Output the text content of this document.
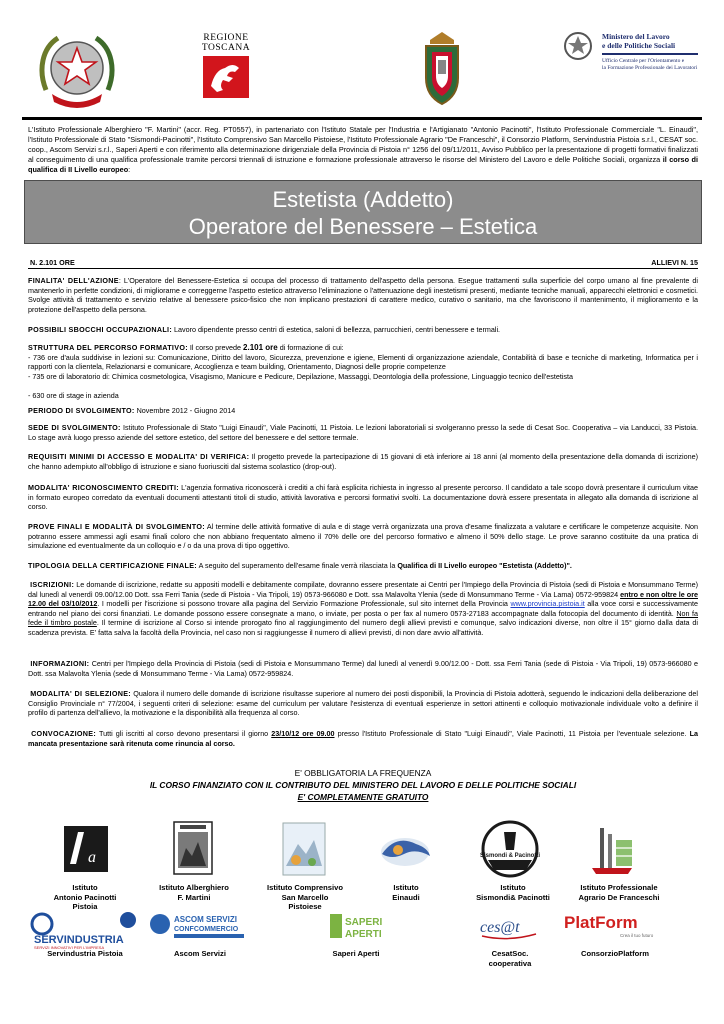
REGIONE
TOSCANA
Ministero del Lavoro
e delle Politiche Sociali
Ufficio Centrale per l'Orientamento e
la Formazione Professionale dei Lavoratori
L'Istituto Professionale Alberghiero "F. Martini" (accr. Reg. PT0557), in partenariato con l'Istituto Statale per l'Industria e l'Artigianato "Antonio Pacinotti", l'Istituto Professionale Commerciale "L. Einaudi", l'Istituto Professionale di Stato "Sismondi-Pacinotti", l'Istituto Comprensivo San Marcello Pistoiese, l'Istituto Professionale Agrario "De Franceschi", il Consorzio Platform, Servindustria Pistoia s.r.l., CESAT soc. coop., Ascom Servizi s.r.l., Saperi Aperti e con riferimento alla determinazione dirigenziale della Provincia di Pistoia n° 1256 del 09/11/2011, Avviso Pubblico per la presentazione di progetti formativi finalizzati al conseguimento di una qualifica professionale tramite percorsi triennali di istruzione e formazione professionale attraverso le risorse del Ministero del Lavoro e delle Politiche Sociali, organizza il corso di qualifica di II Livello europeo:
Estetista (Addetto)
Operatore del Benessere – Estetica
N. 2.101 ORE	ALLIEVI N. 15
FINALITA' DELL'AZIONE: L'Operatore del Benessere-Estetica si occupa del processo di trattamento dell'aspetto della persona. Esegue trattamenti sulla superficie del corpo umano al fine prevalente di mantenerlo in perfette condizioni, di migliorarne e correggerne l'aspetto estetico attraverso l'eliminazione o l'attenuazione degli inestetismi presenti, mediante tecniche manuali, apparecchi elettronici e cosmetici. Svolge attività di trattamento e servizio relative al benessere psico-fisico che non implicano prestazioni di carattere medico, curativo o sanitario, ma che favoriscono il mantenimento, il miglioramento e la protezione dell'aspetto della persona.
POSSIBILI SBOCCHI OCCUPAZIONALI: Lavoro dipendente presso centri di estetica, saloni di bellezza, parrucchieri, centri benessere e termali.
STRUTTURA DEL PERCORSO FORMATIVO: Il corso prevede 2.101 ore di formazione di cui:
- 736 ore d'aula suddivise in lezioni su: Comunicazione, Diritto del lavoro, Sicurezza, prevenzione e igiene, Elementi di organizzazione aziendale, Contabilità di base e tecniche di marketing, Informatica per i rapporti con la clientela, Relazionarsi e comunicare, Accoglienza e team building, Orientamento, Diagnosi delle proprie competenze
- 735 ore di laboratorio di: Chimica cosmetologica, Visagismo, Manicure e Pedicure, Depilazione, Massaggi, Deontologia della professione, Linguaggio tecnico dell'estetista
- 630 ore di stage in azienda
PERIODO DI SVOLGIMENTO: Novembre 2012 - Giugno 2014
SEDE DI SVOLGIMENTO: Istituto Professionale di Stato "Luigi Einaudi", Viale Pacinotti, 11 Pistoia. Le lezioni laboratoriali si svolgeranno presso la sede di Cesat Soc. Cooperativa – via Landucci, 33 Pistoia. Lo stage avrà luogo presso aziende del settore estetico, del settore del benessere e del settore termale.
REQUISITI MINIMI DI ACCESSO E MODALITA' DI VERIFICA: Il progetto prevede la partecipazione di 15 giovani di età inferiore ai 18 anni (al momento della presentazione della domanda di iscrizione) che hanno adempiuto all'obbligo di istruzione e siano fuoriusciti dal sistema scolastico (drop-out).
MODALITA' RICONOSCIMENTO CREDITI: L'agenzia formativa riconoscerà i crediti a chi farà esplicita richiesta in ingresso al presente percorso. Il candidato a tale scopo dovrà presentare il curriculum vitae in formato europeo corredato da eventuali documenti attestanti titoli di studio, attività lavorativa e percorsi formativi svolti. La documentazione dovrà essere presentata in allegato alla domanda di iscrizione al corso.
PROVE FINALI E MODALITÀ DI SVOLGIMENTO: Al termine delle attività formative di aula e di stage verrà organizzata una prova d'esame finalizzata a valutare e certificare le competenze acquisite. Non potranno essere ammessi agli esami finali coloro che non abbiano frequentato almeno il 70% delle ore del percorso formativo e almeno il 50% dello stage. Le prove saranno costituite da una pratica di simulazione ed eventualmente da un colloquio e / o da una prova di tipo oggettivo.
TIPOLOGIA DELLA CERTIFICAZIONE FINALE: A seguito del superamento dell'esame finale verrà rilasciata la Qualifica di II Livello europeo "Estetista (Addetto)".
ISCRIZIONI: Le domande di iscrizione, redatte su appositi modelli e debitamente compilate, dovranno essere presentate ai Centri per l'Impiego della Provincia di Pistoia (sedi di Pistoia e Monsummano Terme) dal lunedì al venerdì 09.00/12.00 Dott. ssa Ferri Tania (sede di Pistoia - Via Tripoli, 19) 0573-966080 e Dott. ssa Malavolta Ylenia (sede di Monsummano Terme - Via Lama) 0572-959824 entro e non oltre le ore 12.00 del 03/10/2012. I modelli per l'iscrizione si possono trovare alla pagina del Servizio Formazione Professionale, sul sito internet della Provincia www.provincia.pistoia.it alla voce corsi e successivamente entrando nel piano dei corsi finanziati. Le domande possono essere consegnate a mano, o inviate, per posta o per fax al numero 0573-27183 accompagnate dalla fotocopia del documento di identità. Non fa fede il timbro postale. Il termine di iscrizione al Corso si intende prorogato fino al raggiungimento del numero degli allievi previsti e comunque, salvo indicazioni diverse, non oltre il 15° giorno dalla data di scadenza prevista. E' fatta salva la facoltà della Provincia, nel caso non si raggiungesse il numero di allievi previsti, di non dare avvio all'attività.
INFORMAZIONI: Centri per l'Impiego della Provincia di Pistoia (sedi di Pistoia e Monsummano Terme) dal lunedì al venerdì 9.00/12.00 - Dott. ssa Ferri Tania (sede di Pistoia - Via Tripoli, 19) 0573-966080 e Dott. ssa Malavolta Ylenia (sede di Monsummano Terme - Via Lama) 0572-959824.
MODALITA' DI SELEZIONE: Qualora il numero delle domande di iscrizione risultasse superiore al numero dei posti disponibili, la Provincia di Pistoia adotterà, seguendo le indicazioni della deliberazione del Consiglio Provinciale n° 77/2004, i seguenti criteri di selezione: esame del curriculum per valutare l'esistenza di eventuali esperienze in settori attinenti e colloquio motivazionale individuale volto a definire il profilo di partenza dell'allievo, la motivazione e la disponibilità alla frequenza al corso.
CONVOCAZIONE: Tutti gli iscritti al corso devono presentarsi il giorno 23/10/12 ore 09.00 presso l'Istituto Professionale di Stato "Luigi Einaudi", Viale Pacinotti, 11 Pistoia per l'eventuale selezione. La mancata presentazione sarà ritenuta come rinuncia al corso.
E' OBBLIGATORIA LA FREQUENZA
IL CORSO FINANZIATO CON IL CONTRIBUTO DEL MINISTERO DEL LAVORO E DELLE POLITICHE SOCIALI
E' COMPLETAMENTE GRATUITO
a	Sismondi & Pacinotti
Istituto
Antonio Pacinotti
Pistoia
Istituto Alberghiero
F. Martini
Istituto Comprensivo
San Marcello
Pistoiese
Istituto
Einaudi
Istituto
Sismondi& Pacinotti
Istituto Professionale
Agrario De Franceschi
SERVINDUSTRIA
SERVIZI INNOVATIVI PER L'IMPRESA
ASCOM SERVIZI
CONFCOMMERCIO
SAPERI
APERTI	ces@t	PlatForm
Crea il tuo futuro
Servindustria Pistoia	Ascom Servizi	Saperi Aperti	CesatSoc.
cooperativa
ConsorzioPlatform
